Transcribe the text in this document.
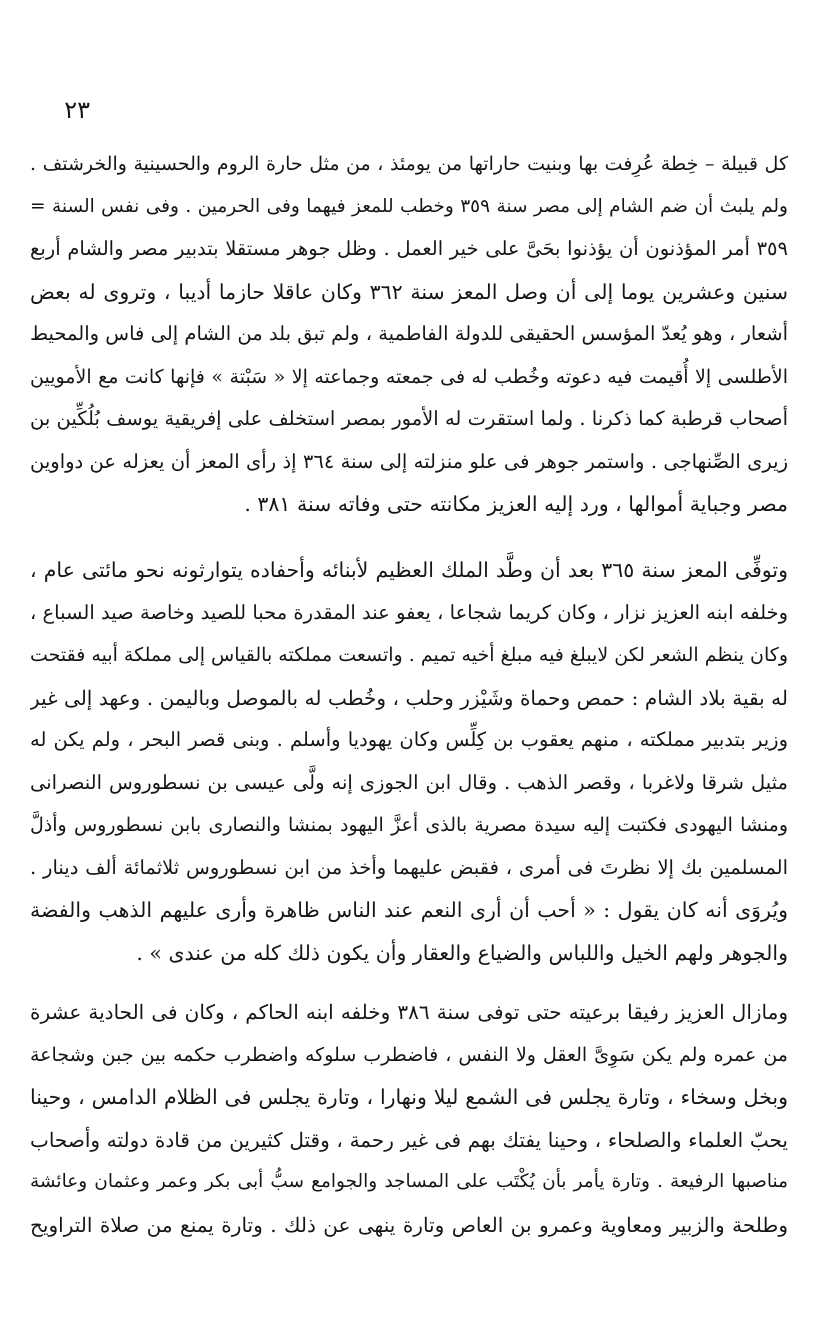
٢٣
كل قبيلة – خِطة عُرِفت بها وبنيت حاراتها من يومئذ ، من مثل حارة الروم والحسينية والخرشتف .
ولم يلبث أن ضم الشام إلى مصر سنة ٣٥٩ وخطب للمعز فيهما وفى الحرمين . وفى نفس السنة =
٣٥٩ أمر المؤذنون أن يؤذنوا بحَىَّ على خير العمل . وظل جوهر مستقلا بتدبير مصر والشام أربع
سنين وعشرين يوما إلى أن وصل المعز سنة ٣٦٢ وكان عاقلا حازما أديبا ، وتروى له بعض
أشعار ، وهو يُعدّ المؤسس الحقيقى للدولة الفاطمية ، ولم تبق بلد من الشام إلى فاس والمحيط
الأطلسى إلا أُقيمت فيه دعوته وخُطب له فى جمعته وجماعته إلا « سَبْتة » فإنها كانت مع الأمويين
أصحاب قرطبة كما ذكرنا . ولما استقرت له الأمور بمصر استخلف على إفريقية يوسف بُلُكِّين بن
زيرى الصِّنهاجى . واستمر جوهر فى علو منزلته إلى سنة ٣٦٤ إذ رأى المعز أن يعزله عن دواوين
مصر وجباية أموالها ، ورد إليه العزيز مكانته حتى وفاته سنة ٣٨١ .
وتوفِّى المعز سنة ٣٦٥ بعد أن وطَّد الملك العظيم لأبنائه وأحفاده يتوارثونه نحو مائتى عام ،
وخلفه ابنه العزيز نزار ، وكان كريما شجاعا ، يعفو عند المقدرة محبا للصيد وخاصة صيد السباع ،
وكان ينظم الشعر لكن لايبلغ فيه مبلغ أخيه تميم . واتسعت مملكته بالقياس إلى مملكة أبيه فقتحت
له بقية بلاد الشام : حمص وحماة وشَيْزر وحلب ، وخُطب له بالموصل وباليمن . وعهد إلى غير
وزير بتدبير مملكته ، منهم يعقوب بن كِلِّس وكان يهوديا وأسلم . وبنى قصر البحر ، ولم يكن له
مثيل شرقا ولاغربا ، وقصر الذهب . وقال ابن الجوزى إنه ولَّى عيسى بن نسطوروس النصرانى
ومنشا اليهودى فكتبت إليه سيدة مصرية بالذى أعزَّ اليهود بمنشا والنصارى بابن نسطوروس وأذلَّ
المسلمين بك إلا نظرتَ فى أمرى ، فقبض عليهما وأخذ من ابن نسطوروس ثلاثمائة ألف دينار .
ويُروَى أنه كان يقول : « أحب أن أرى النعم عند الناس ظاهرة وأرى عليهم الذهب والفضة
والجوهر ولهم الخيل واللباس والضياع والعقار وأن يكون ذلك كله من عندى » .
ومازال العزيز رفيقا برعيته حتى توفى سنة ٣٨٦ وخلفه ابنه الحاكم ، وكان فى الحادية عشرة
من عمره ولم يكن سَوِىَّ العقل ولا النفس ، فاضطرب سلوكه واضطرب حكمه بين جبن وشجاعة
وبخل وسخاء ، وتارة يجلس فى الشمع ليلا ونهارا ، وتارة يجلس فى الظلام الدامس ، وحينا
يحبّ العلماء والصلحاء ، وحينا يفتك بهم فى غير رحمة ، وقتل كثيرين من قادة دولته وأصحاب
مناصبها الرفيعة . وتارة يأمر بأن يُكْتَب على المساجد والجوامع سبُّ أبى بكر وعمر وعثمان وعائشة
وطلحة والزبير ومعاوية وعمرو بن العاص وتارة ينهى عن ذلك . وتارة يمنع من صلاة التراويح
